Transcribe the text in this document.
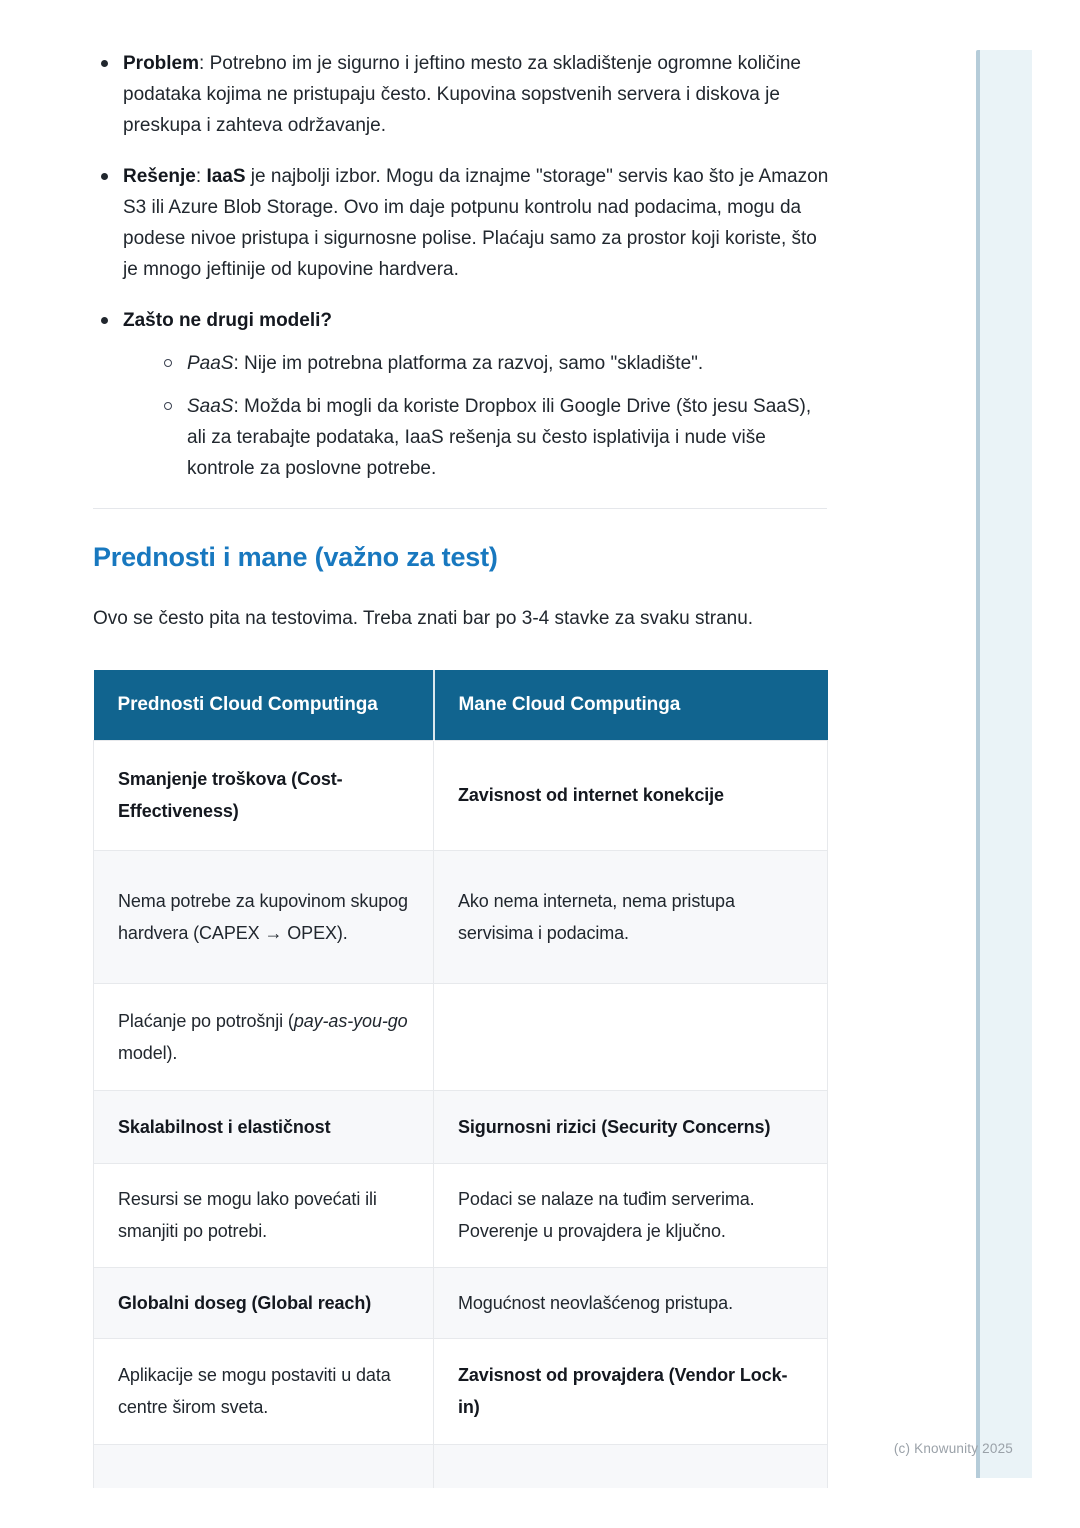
Problem: Potrebno im je sigurno i jeftino mesto za skladištenje ogromne količine podataka kojima ne pristupaju često. Kupovina sopstvenih servera i diskova je preskupa i zahteva održavanje.
Rešenje: IaaS je najbolji izbor. Mogu da iznajme "storage" servis kao što je Amazon S3 ili Azure Blob Storage. Ovo im daje potpunu kontrolu nad podacima, mogu da podese nivoe pristupa i sigurnosne polise. Plaćaju samo za prostor koji koriste, što je mnogo jeftinije od kupovine hardvera.
Zašto ne drugi modeli?
PaaS: Nije im potrebna platforma za razvoj, samo "skladište".
SaaS: Možda bi mogli da koriste Dropbox ili Google Drive (što jesu SaaS), ali za terabajte podataka, IaaS rešenja su često isplativija i nude više kontrole za poslovne potrebe.
Prednosti i mane (važno za test)

Ovo se često pita na testovima. Treba znati bar po 3-4 stavke za svaku stranu.

Prednosti Cloud Computinga	Mane Cloud Computinga
Smanjenje troškova (Cost-Effectiveness)	Zavisnost od internet konekcije
Nema potrebe za kupovinom skupog hardvera (CAPEX → OPEX).	Ako nema interneta, nema pristupa servisima i podacima.
Plaćanje po potrošnji (pay-as-you-go model).	
Skalabilnost i elastičnost	Sigurnosni rizici (Security Concerns)
Resursi se mogu lako povećati ili smanjiti po potrebi.	Podaci se nalaze na tuđim serverima. Poverenje u provajdera je ključno.
Globalni doseg (Global reach)	Mogućnost neovlašćenog pristupa.
Aplikacije se mogu postaviti u data centre širom sveta.	Zavisnost od provajdera (Vendor Lock-in)

(c) Knowunity 2025
